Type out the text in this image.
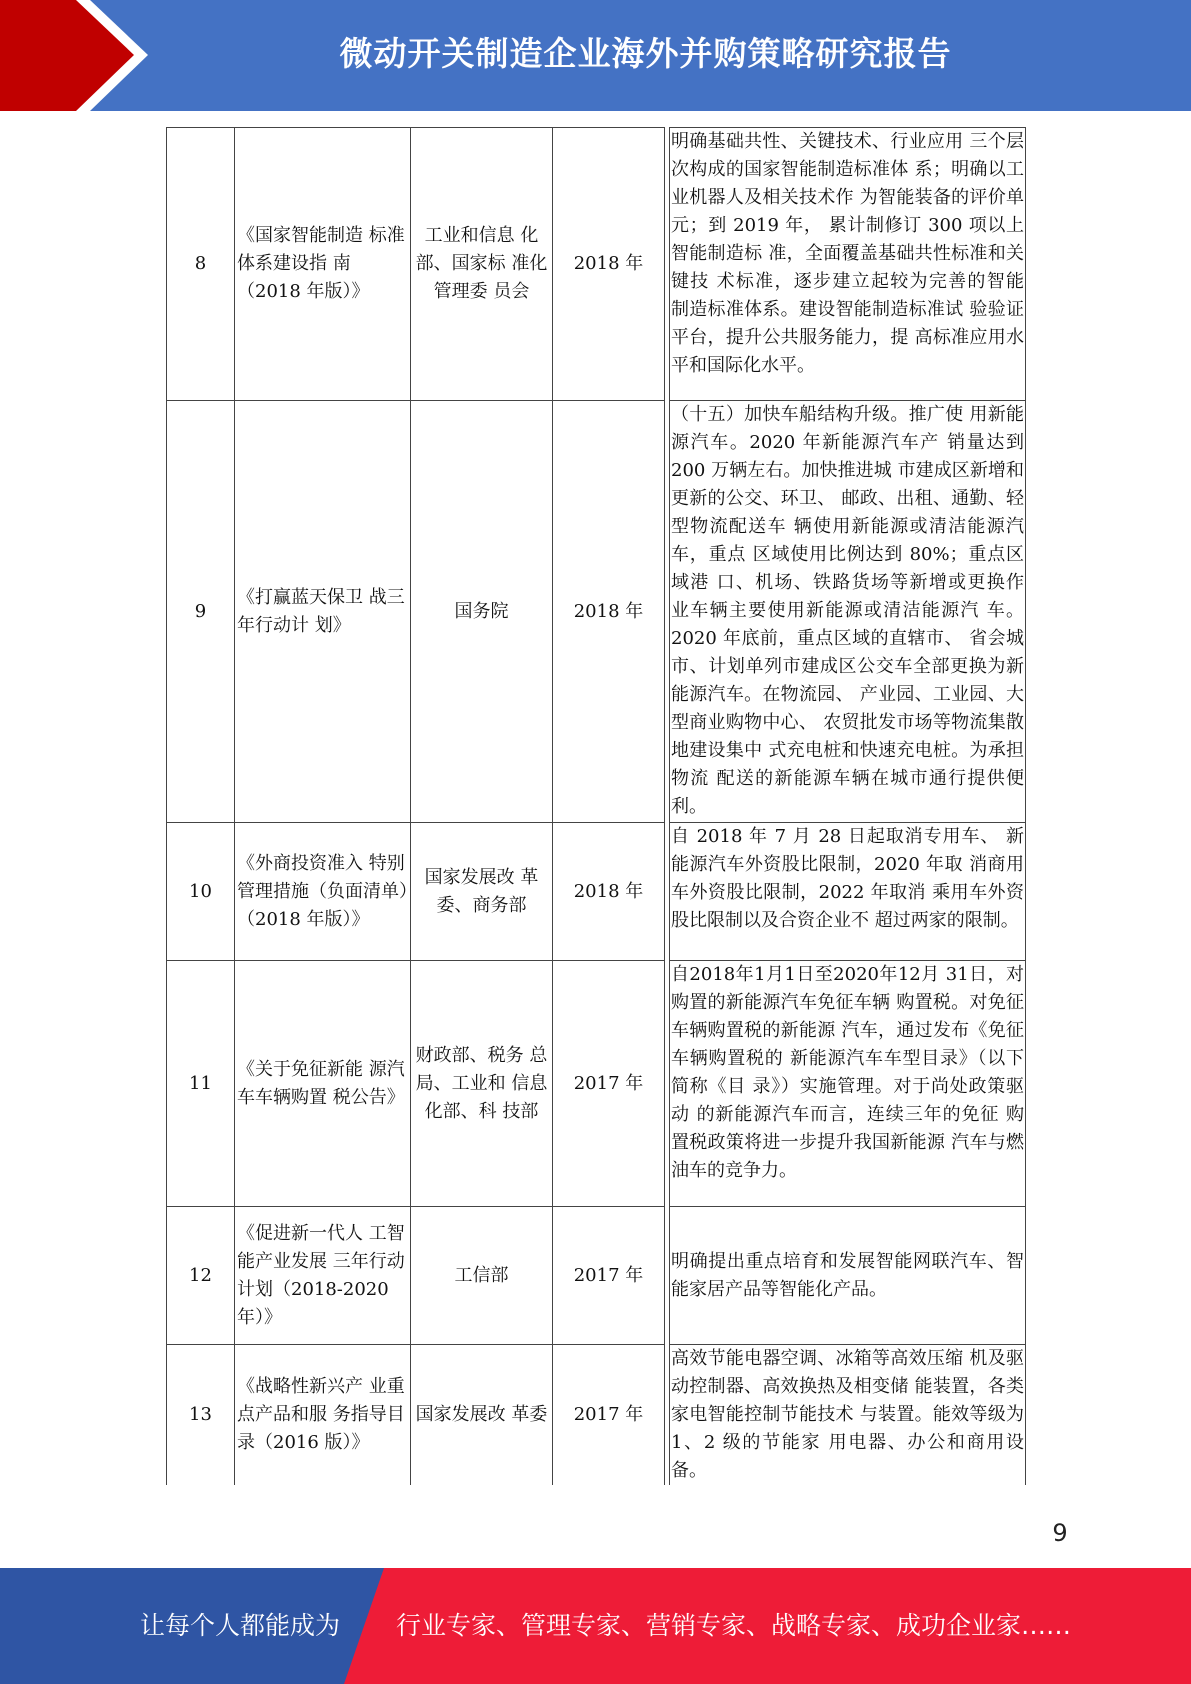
微动开关制造企业海外并购策略研究报告
8	《国家智能制造 标准体系建设指 南（2018 年版）》	工业和信息 化部、国家标 准化管理委 员会	2018 年		明确基础共性、关键技术、行业应用 三个层次构成的国家智能制造标准体 系；明确以工业机器人及相关技术作 为智能装备的评价单元；到 2019 年， 累计制修订 300 项以上智能制造标 准，全面覆盖基础共性标准和关键技 术标准，逐步建立起较为完善的智能 制造标准体系。建设智能制造标准试 验验证平台，提升公共服务能力，提 高标准应用水平和国际化水平。
9	《打赢蓝天保卫 战三年行动计 划》	国务院	2018 年		（十五）加快车船结构升级。推广使 用新能源汽车。2020 年新能源汽车产 销量达到 200 万辆左右。加快推进城 市建成区新增和更新的公交、环卫、 邮政、出租、通勤、轻型物流配送车 辆使用新能源或清洁能源汽车，重点 区域使用比例达到 80%；重点区域港 口、机场、铁路货场等新增或更换作 业车辆主要使用新能源或清洁能源汽 车。2020 年底前，重点区域的直辖市、 省会城市、计划单列市建成区公交车全部更换为新能源汽车。在物流园、 产业园、工业园、大型商业购物中心、 农贸批发市场等物流集散地建设集中 式充电桩和快速充电桩。为承担物流 配送的新能源车辆在城市通行提供便 利。

10	《外商投资准入 特别管理措施（负面清单）（2018 年版）》	国家发展改 革委、商务部	2018 年		自 2018 年 7 月 28 日起取消专用车、 新能源汽车外资股比限制，2020 年取 消商用车外资股比限制，2022 年取消 乘用车外资股比限制以及合资企业不 超过两家的限制。
11	《关于免征新能 源汽车车辆购置 税公告》	财政部、税务 总局、工业和 信息化部、科 技部	2017 年		自2018年1月1日至2020年12月 31日，对购置的新能源汽车免征车辆 购置税。对免征车辆购置税的新能源 汽车，通过发布《免征车辆购置税的 新能源汽车车型目录》（以下简称《目 录》）实施管理。对于尚处政策驱动 的新能源汽车而言，连续三年的免征 购置税政策将进一步提升我国新能源 汽车与燃油车的竞争力。
12	《促进新一代人 工智能产业发展 三年行动计划（2018-2020 年）》	工信部	2017 年		明确提出重点培育和发展智能网联汽车、智能家居产品等智能化产品。
13	《战略性新兴产 业重点产品和服 务指导目录（2016 版）》	国家发展改 革委	2017 年		高效节能电器空调、冰箱等高效压缩 机及驱动控制器、高效换热及相变储 能装置，各类家电智能控制节能技术 与装置。能效等级为 1、2 级的节能家 用电器、办公和商用设备。
9
让每个人都能成为 行业专家、管理专家、营销专家、战略专家、成功企业家……
